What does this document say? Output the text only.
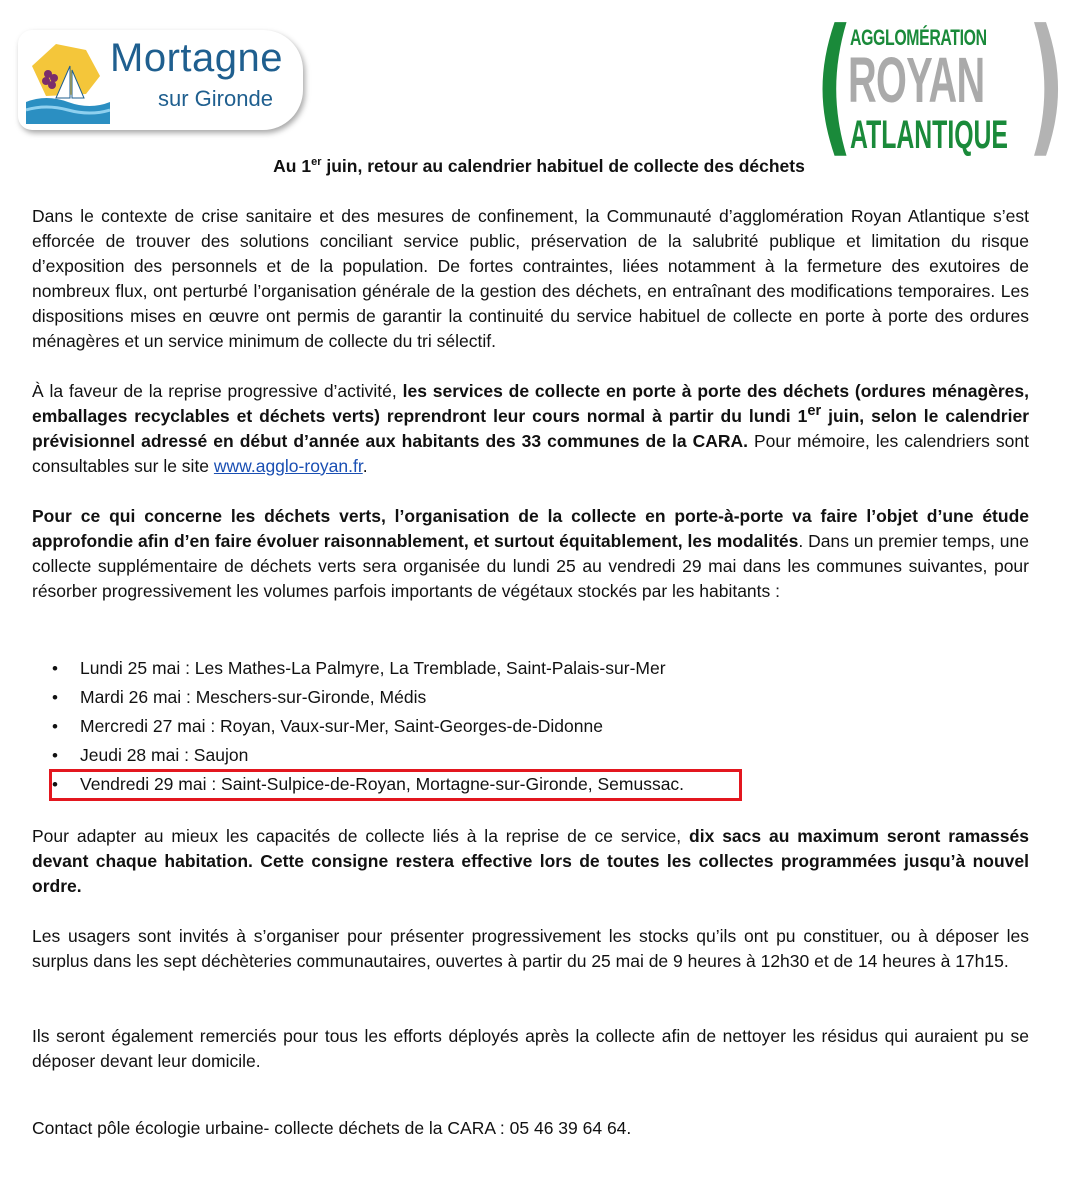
Mortagne
sur Gironde	( )
AGGLOMÉRATION
ROYAN
ATLANTIQUE
Au 1er juin, retour au calendrier habituel de collecte des déchets
Dans le contexte de crise sanitaire et des mesures de confinement, la Communauté d’agglomération Royan Atlantique s’est efforcée de trouver des solutions conciliant service public, préservation de la salubrité publique et limitation du risque d’exposition des personnels et de la population. De fortes contraintes, liées notamment à la fermeture des exutoires de nombreux flux, ont perturbé l’organisation générale de la gestion des déchets, en entraînant des modifications temporaires. Les dispositions mises en œuvre ont permis de garantir la continuité du service habituel de collecte en porte à porte des ordures ménagères et un service minimum de collecte du tri sélectif.
À la faveur de la reprise progressive d’activité, les services de collecte en porte à porte des déchets (ordures ménagères, emballages recyclables et déchets verts) reprendront leur cours normal à partir du lundi 1er juin, selon le calendrier prévisionnel adressé en début d’année aux habitants des 33 communes de la CARA. Pour mémoire, les calendriers sont consultables sur le site www.agglo-royan.fr.
Pour ce qui concerne les déchets verts, l’organisation de la collecte en porte-à-porte va faire l’objet d’une étude approfondie afin d’en faire évoluer raisonnablement, et surtout équitablement, les modalités. Dans un premier temps, une collecte supplémentaire de déchets verts sera organisée du lundi 25 au vendredi 29 mai dans les communes suivantes, pour résorber progressivement les volumes parfois importants de végétaux stockés par les habitants :
• Lundi 25 mai : Les Mathes-La Palmyre, La Tremblade, Saint-Palais-sur-Mer
• Mardi 26 mai : Meschers-sur-Gironde, Médis
• Mercredi 27 mai : Royan, Vaux-sur-Mer, Saint-Georges-de-Didonne
• Jeudi 28 mai : Saujon
• Vendredi 29 mai : Saint-Sulpice-de-Royan, Mortagne-sur-Gironde, Semussac.
Pour adapter au mieux les capacités de collecte liés à la reprise de ce service, dix sacs au maximum seront ramassés devant chaque habitation. Cette consigne restera effective lors de toutes les collectes programmées jusqu’à nouvel ordre.
Les usagers sont invités à s’organiser pour présenter progressivement les stocks qu’ils ont pu constituer, ou à déposer les surplus dans les sept déchèteries communautaires, ouvertes à partir du 25 mai de 9 heures à 12h30 et de 14 heures à 17h15.
Ils seront également remerciés pour tous les efforts déployés après la collecte afin de nettoyer les résidus qui auraient pu se déposer devant leur domicile.
Contact pôle écologie urbaine- collecte déchets de la CARA : 05 46 39 64 64.
